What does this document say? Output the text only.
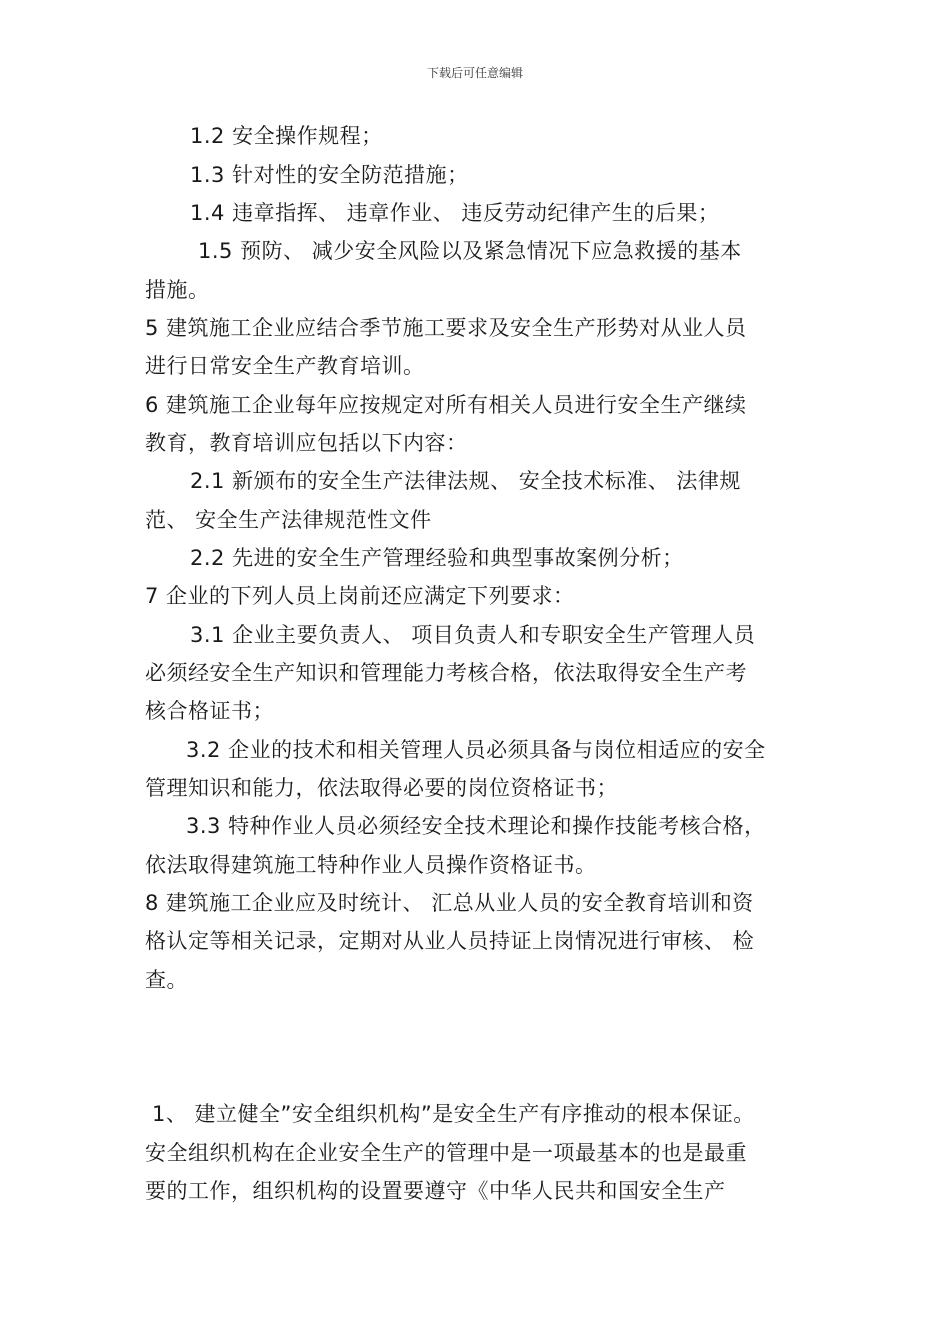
下载后可任意编辑
1.2 安全操作规程；
1.3 针对性的安全防范措施；
1.4 违章指挥、 违章作业、 违反劳动纪律产生的后果；
1.5 预防、 减少安全风险以及紧急情况下应急救援的基本
措施。
5 建筑施工企业应结合季节施工要求及安全生产形势对从业人员
进行日常安全生产教育培训。
6 建筑施工企业每年应按规定对所有相关人员进行安全生产继续
教育，教育培训应包括以下内容：
2.1 新颁布的安全生产法律法规、 安全技术标准、 法律规
范、 安全生产法律规范性文件
2.2 先进的安全生产管理经验和典型事故案例分析；
7 企业的下列人员上岗前还应满定下列要求：
3.1 企业主要负责人、 项目负责人和专职安全生产管理人员
必须经安全生产知识和管理能力考核合格，依法取得安全生产考
核合格证书；
3.2 企业的技术和相关管理人员必须具备与岗位相适应的安全
管理知识和能力，依法取得必要的岗位资格证书；
3.3 特种作业人员必须经安全技术理论和操作技能考核合格，
依法取得建筑施工特种作业人员操作资格证书。
8 建筑施工企业应及时统计、 汇总从业人员的安全教育培训和资
格认定等相关记录，定期对从业人员持证上岗情况进行审核、 检
查。
1、 建立健全”安全组织机构”是安全生产有序推动的根本保证。
安全组织机构在企业安全生产的管理中是一项最基本的也是最重
要的工作，组织机构的设置要遵守《中华人民共和国安全生产
